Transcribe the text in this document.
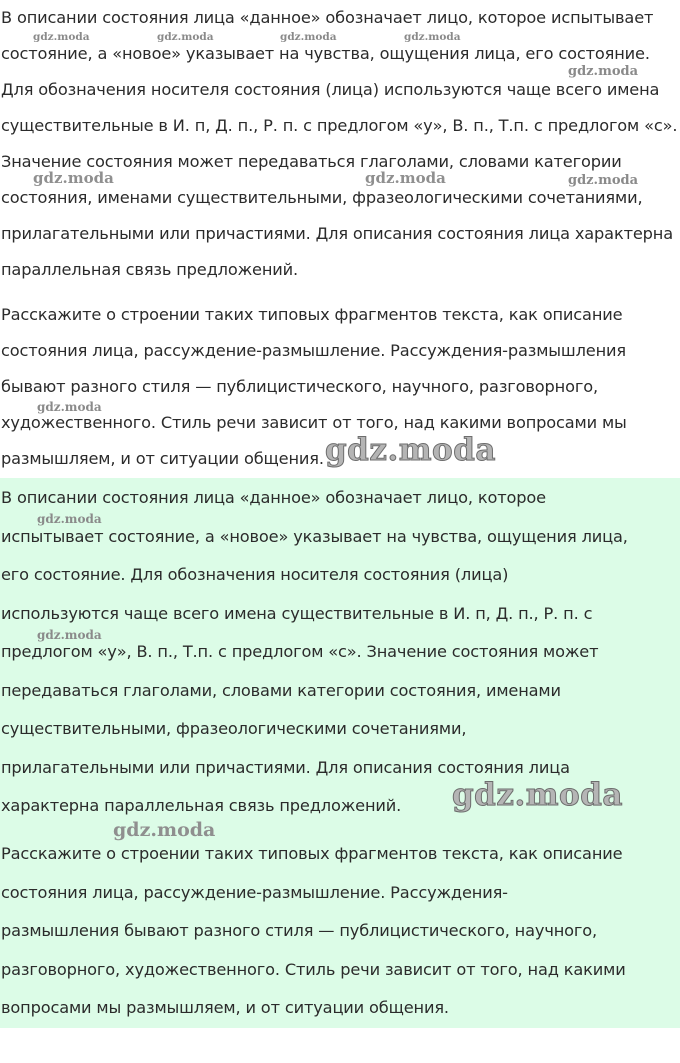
В описании состояния лица «данное» обозначает лицо, которое испытывает
состояние, а «новое» указывает на чувства, ощущения лица, его состояние.
Для обозначения носителя состояния (лица) используются чаще всего имена
существительные в И. п, Д. п., Р. п. с предлогом «у», В. п., Т.п. с предлогом «с».
Значение состояния может передаваться глаголами, словами категории
состояния, именами существительными, фразеологическими сочетаниями,
прилагательными или причастиями. Для описания состояния лица характерна
параллельная связь предложений.

Расскажите о строении таких типовых фрагментов текста, как описание
состояния лица, рассуждение-размышление. Рассуждения-размышления
бывают разного стиля — публицистического, научного, разговорного,
художественного. Стиль речи зависит от того, над какими вопросами мы
размышляем, и от ситуации общения.

В описании состояния лица «данное» обозначает лицо, которое
испытывает состояние, а «новое» указывает на чувства, ощущения лица,
его состояние. Для обозначения носителя состояния (лица)
используются чаще всего имена существительные в И. п, Д. п., Р. п. с
предлогом «у», В. п., Т.п. с предлогом «с». Значение состояния может
передаваться глаголами, словами категории состояния, именами
существительными, фразеологическими сочетаниями,
прилагательными или причастиями. Для описания состояния лица
характерна параллельная связь предложений.

Расскажите о строении таких типовых фрагментов текста, как описание
состояния лица, рассуждение-размышление. Рассуждения-
размышления бывают разного стиля — публицистического, научного,
разговорного, художественного. Стиль речи зависит от того, над какими
вопросами мы размышляем, и от ситуации общения.

gdz.moda	gdz.moda	gdz.moda	gdz.moda
gdz.moda
gdz.moda	gdz.moda	gdz.moda
gdz.moda
gdz.moda
gdz.moda
gdz.moda
gdz.moda
gdz.moda
